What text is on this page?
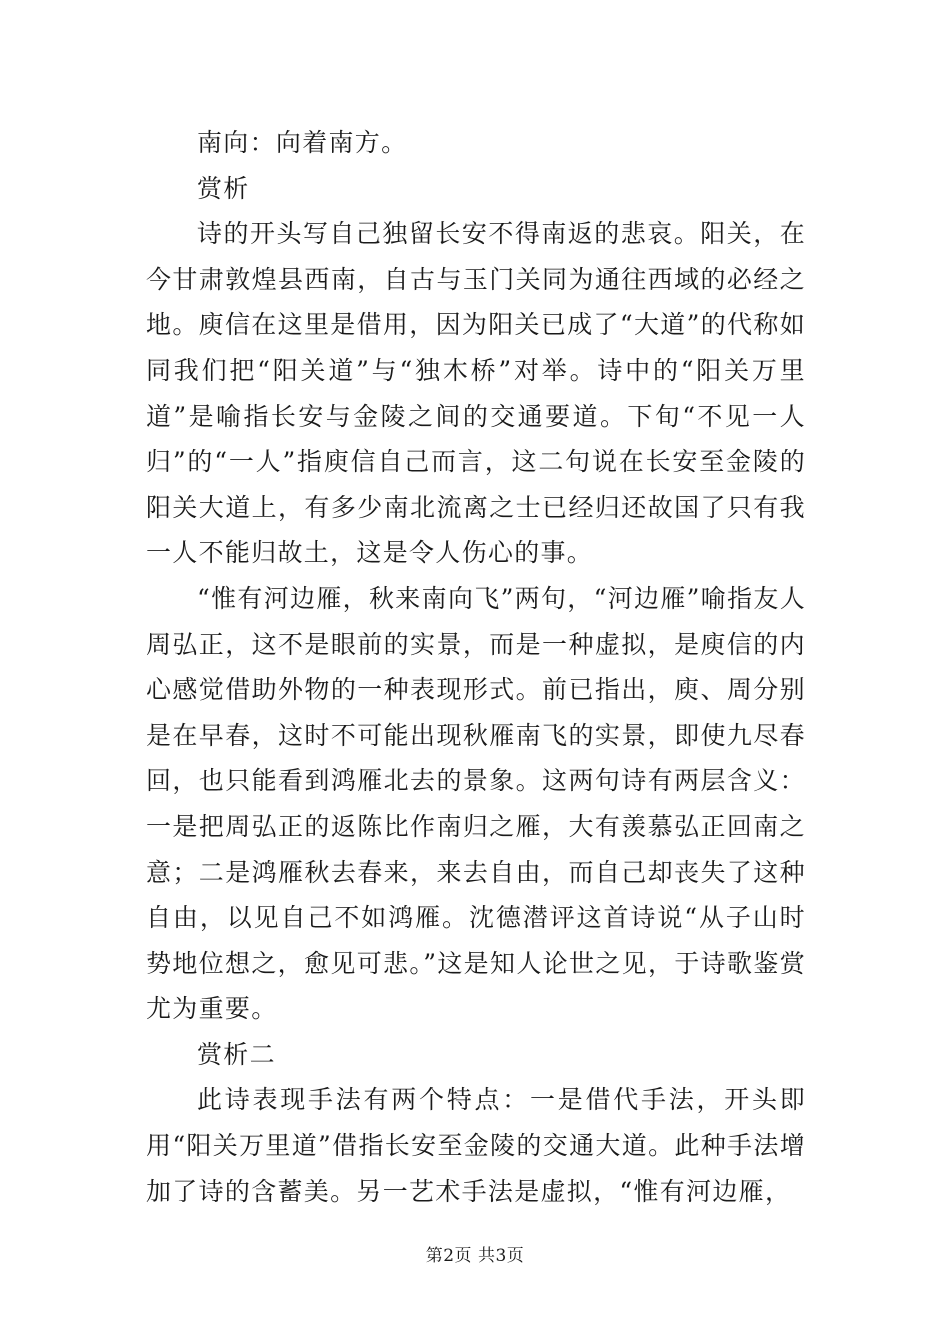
南向：向着南方。

赏析

诗的开头写自己独留长安不得南返的悲哀。阳关，在今甘肃敦煌县西南，自古与玉门关同为通往西域的必经之地。庾信在这里是借用，因为阳关已成了“大道”的代称如同我们把“阳关道”与“独木桥”对举。诗中的“阳关万里道”是喻指长安与金陵之间的交通要道。下旬“不见一人归”的“一人”指庾信自己而言，这二句说在长安至金陵的阳关大道上，有多少南北流离之士已经归还故国了只有我一人不能归故土，这是令人伤心的事。

“惟有河边雁，秋来南向飞”两句，“河边雁”喻指友人周弘正，这不是眼前的实景，而是一种虚拟，是庾信的内心感觉借助外物的一种表现形式。前已指出，庾、周分别是在早春，这时不可能出现秋雁南飞的实景，即使九尽春回，也只能看到鸿雁北去的景象。这两句诗有两层含义：一是把周弘正的返陈比作南归之雁，大有羡慕弘正回南之意；二是鸿雁秋去春来，来去自由，而自己却丧失了这种自由，以见自己不如鸿雁。沈德潜评这首诗说“从子山时势地位想之，愈见可悲。”这是知人论世之见，于诗歌鉴赏尤为重要。

赏析二

此诗表现手法有两个特点：一是借代手法，开头即用“阳关万里道”借指长安至金陵的交通大道。此种手法增加了诗的含蓄美。另一艺术手法是虚拟，“惟有河边雁，

第2页 共3页
